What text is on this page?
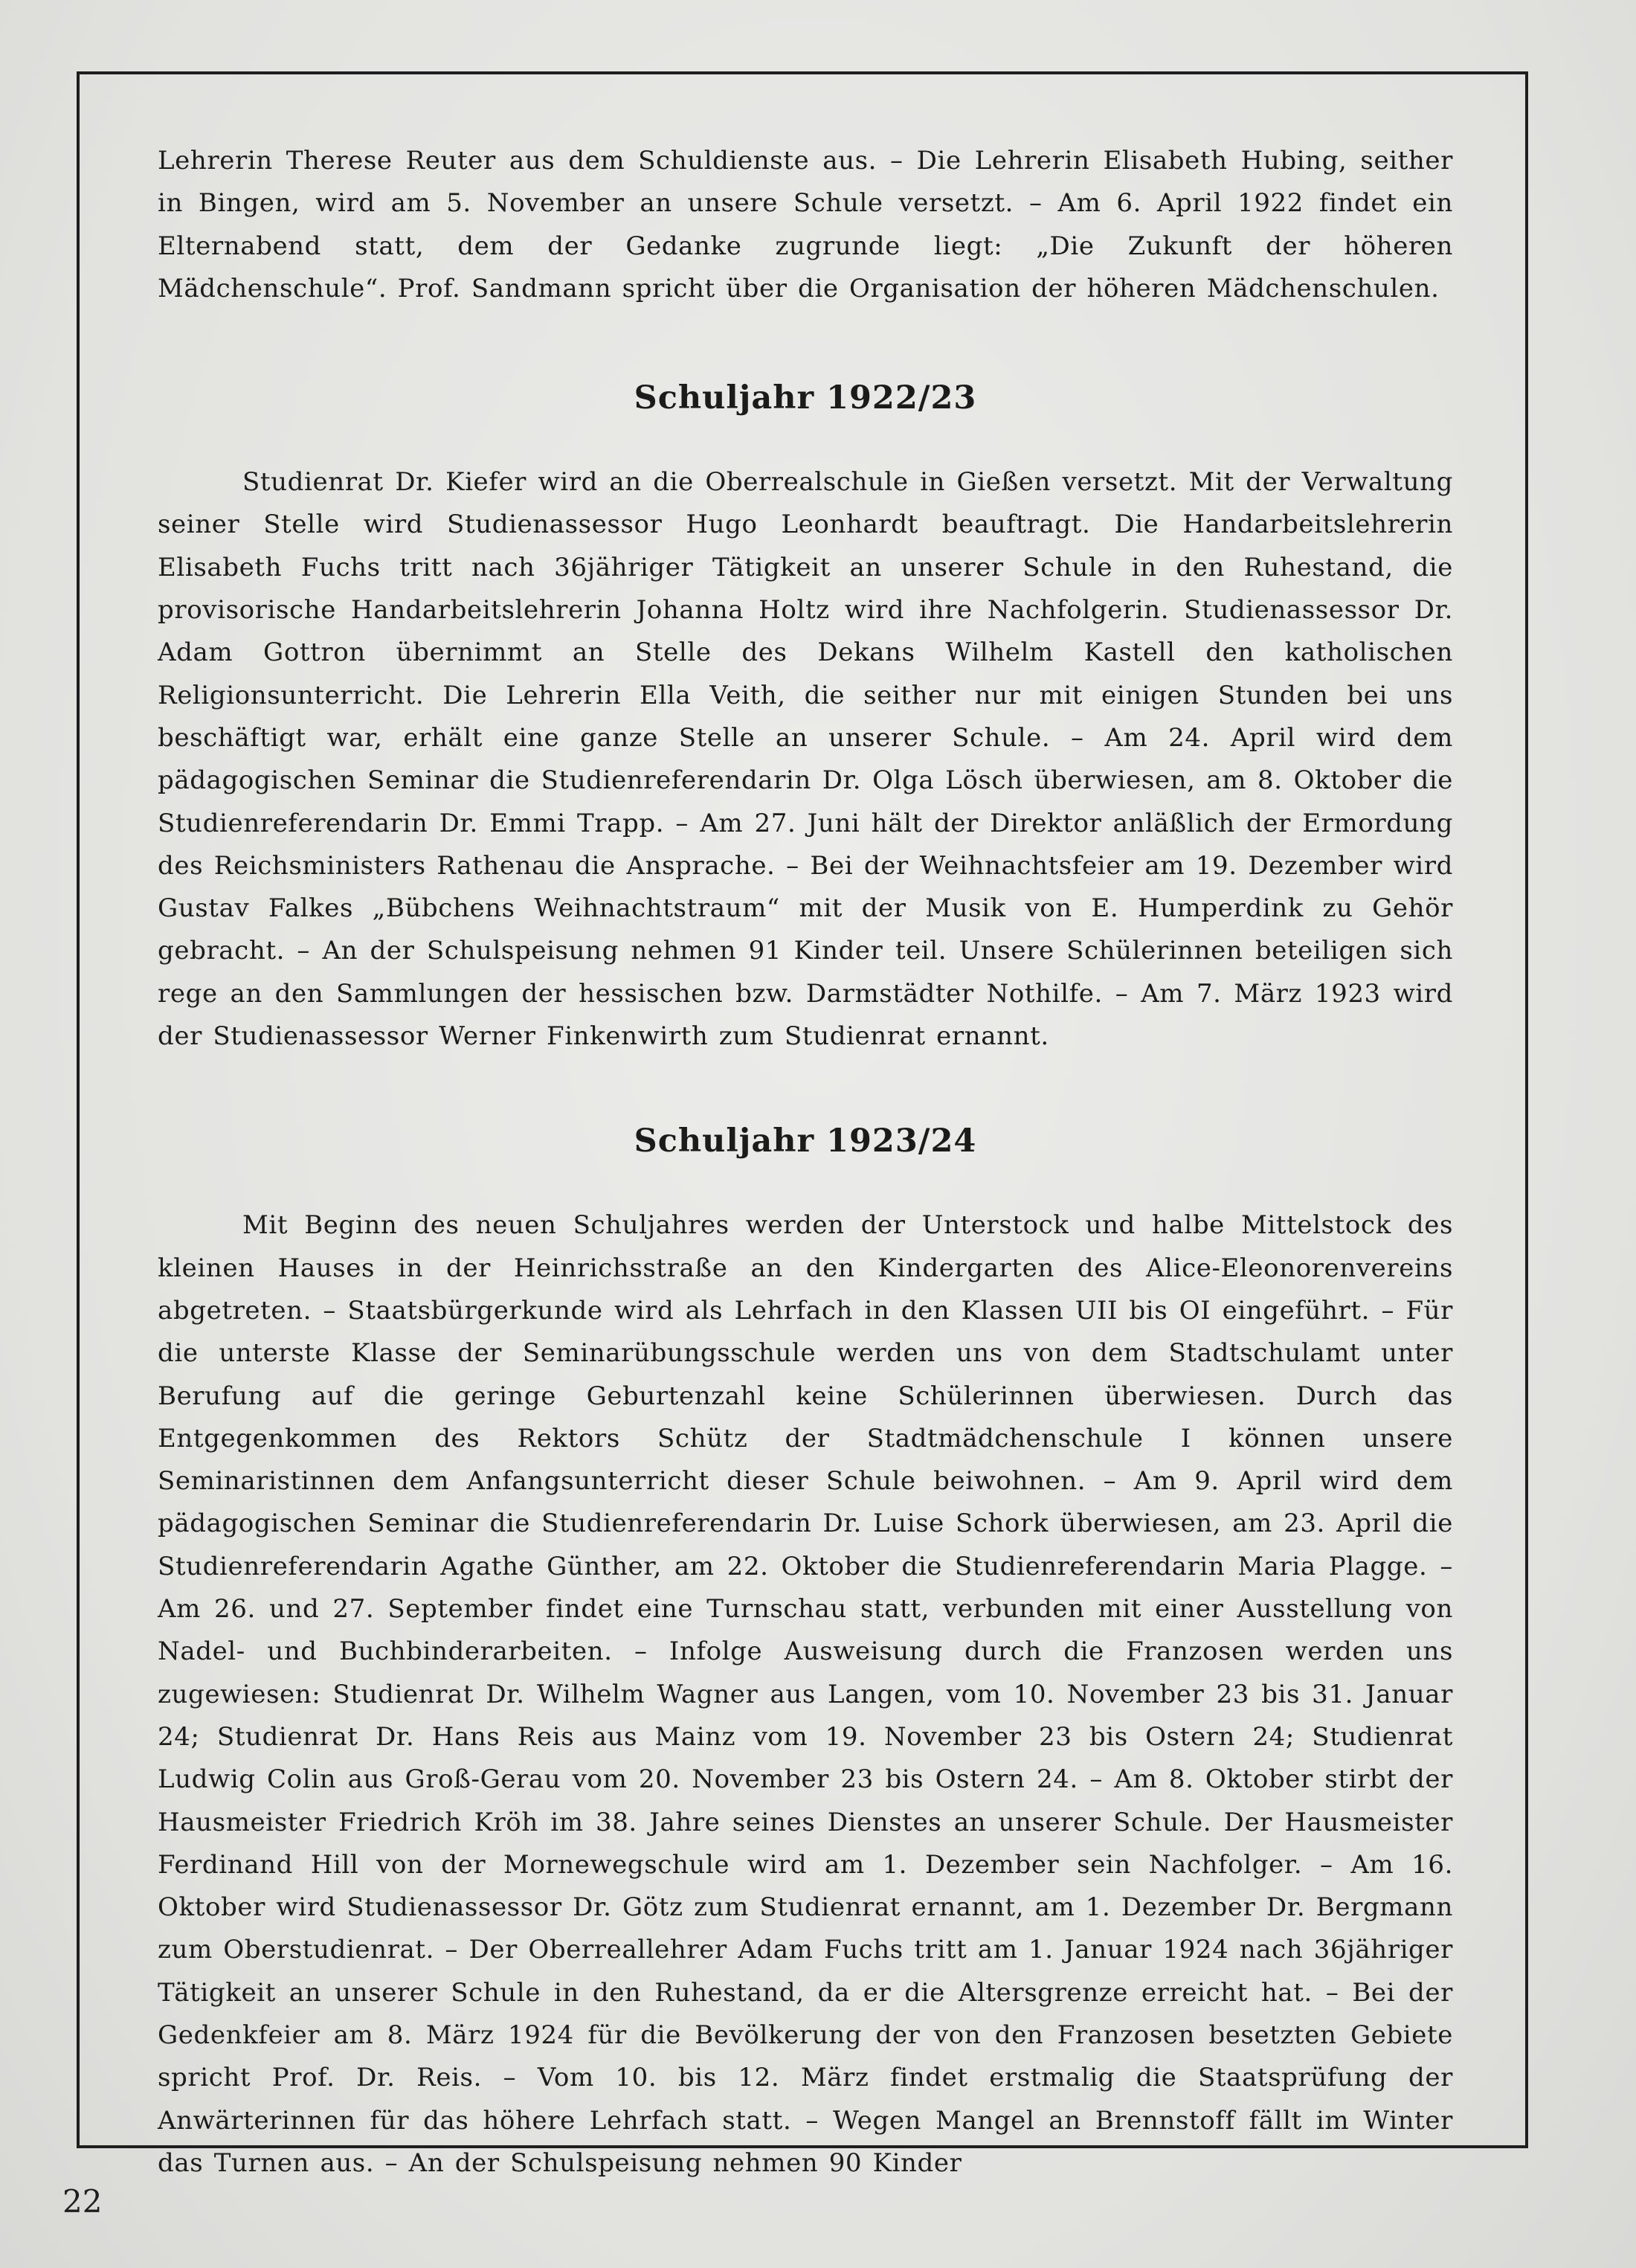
Lehrerin Therese Reuter aus dem Schuldienste aus. – Die Lehrerin Elisabeth Hubing, seither in Bingen, wird am 5. November an unsere Schule versetzt. – Am 6. April 1922 findet ein Elternabend statt, dem der Gedanke zugrunde liegt: „Die Zukunft der höheren Mädchenschule“. Prof. Sandmann spricht über die Organisation der höheren Mädchenschulen.

Schuljahr 1922/23

Studienrat Dr. Kiefer wird an die Oberrealschule in Gießen versetzt. Mit der Verwaltung seiner Stelle wird Studienassessor Hugo Leonhardt beauftragt. Die Handarbeitslehrerin Elisabeth Fuchs tritt nach 36jähriger Tätigkeit an unserer Schule in den Ruhestand, die provisorische Handarbeitslehrerin Johanna Holtz wird ihre Nachfolgerin. Studienassessor Dr. Adam Gottron übernimmt an Stelle des Dekans Wilhelm Kastell den katholischen Religionsunterricht. Die Lehrerin Ella Veith, die seither nur mit einigen Stunden bei uns beschäftigt war, erhält eine ganze Stelle an unserer Schule. – Am 24. April wird dem pädagogischen Seminar die Studienreferendarin Dr. Olga Lösch überwiesen, am 8. Oktober die Studienreferendarin Dr. Emmi Trapp. – Am 27. Juni hält der Direktor anläßlich der Ermordung des Reichsministers Rathenau die Ansprache. – Bei der Weihnachtsfeier am 19. Dezember wird Gustav Falkes „Bübchens Weihnachtstraum“ mit der Musik von E. Humperdink zu Gehör gebracht. – An der Schulspeisung nehmen 91 Kinder teil. Unsere Schülerinnen beteiligen sich rege an den Sammlungen der hessischen bzw. Darmstädter Nothilfe. – Am 7. März 1923 wird der Studienassessor Werner Finkenwirth zum Studienrat ernannt.

Schuljahr 1923/24

Mit Beginn des neuen Schuljahres werden der Unterstock und halbe Mittelstock des kleinen Hauses in der Heinrichsstraße an den Kindergarten des Alice-Eleonorenvereins abgetreten. – Staatsbürgerkunde wird als Lehrfach in den Klassen UII bis OI eingeführt. – Für die unterste Klasse der Seminarübungsschule werden uns von dem Stadtschulamt unter Berufung auf die geringe Geburtenzahl keine Schülerinnen überwiesen. Durch das Entgegenkommen des Rektors Schütz der Stadtmädchenschule I können unsere Seminaristinnen dem Anfangsunterricht dieser Schule beiwohnen. – Am 9. April wird dem pädagogischen Seminar die Studienreferendarin Dr. Luise Schork überwiesen, am 23. April die Studienreferendarin Agathe Günther, am 22. Oktober die Studienreferendarin Maria Plagge. – Am 26. und 27. September findet eine Turnschau statt, verbunden mit einer Ausstellung von Nadel- und Buchbinderarbeiten. – Infolge Ausweisung durch die Franzosen werden uns zugewiesen: Studienrat Dr. Wilhelm Wagner aus Langen, vom 10. November 23 bis 31. Januar 24; Studienrat Dr. Hans Reis aus Mainz vom 19. November 23 bis Ostern 24; Studienrat Ludwig Colin aus Groß-Gerau vom 20. November 23 bis Ostern 24. – Am 8. Oktober stirbt der Hausmeister Friedrich Kröh im 38. Jahre seines Dienstes an unserer Schule. Der Hausmeister Ferdinand Hill von der Mornewegschule wird am 1. Dezember sein Nachfolger. – Am 16. Oktober wird Studienassessor Dr. Götz zum Studienrat ernannt, am 1. Dezember Dr. Bergmann zum Oberstudienrat. – Der Oberreallehrer Adam Fuchs tritt am 1. Januar 1924 nach 36jähriger Tätigkeit an unserer Schule in den Ruhestand, da er die Altersgrenze erreicht hat. – Bei der Gedenkfeier am 8. März 1924 für die Bevölkerung der von den Franzosen besetzten Gebiete spricht Prof. Dr. Reis. – Vom 10. bis 12. März findet erstmalig die Staatsprüfung der Anwärterinnen für das höhere Lehrfach statt. – Wegen Mangel an Brennstoff fällt im Winter das Turnen aus. – An der Schulspeisung nehmen 90 Kinder

22
